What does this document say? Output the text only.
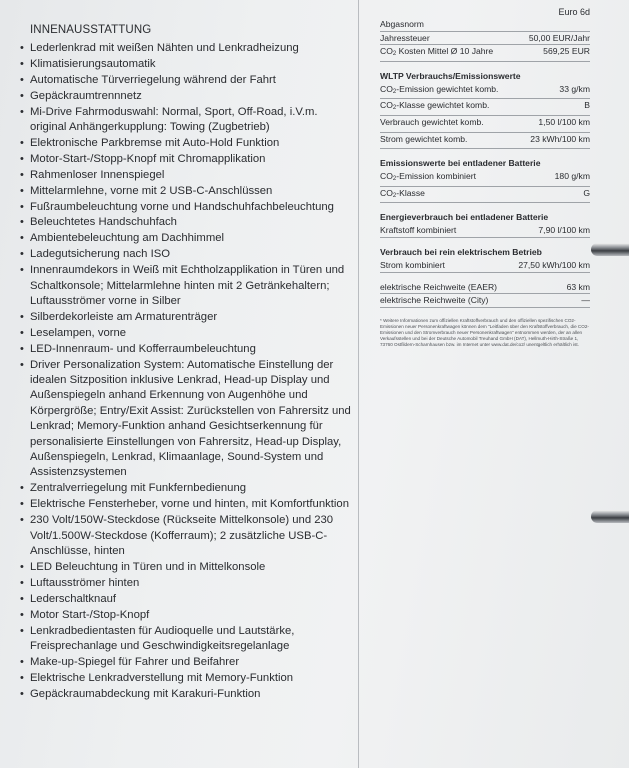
INNENAUSSTATTUNG
• Lederlenkrad mit weißen Nähten und Lenkradheizung
• Klimatisierungsautomatik
• Automatische Türverriegelung während der Fahrt
• Gepäckraumtrennnetz
• Mi-Drive Fahrmoduswahl: Normal, Sport, Off-Road, i.V.m. original Anhängerkupplung: Towing (Zugbetrieb)
• Elektronische Parkbremse mit Auto-Hold Funktion
• Motor-Start-/Stopp-Knopf mit Chromapplikation
• Rahmenloser Innenspiegel
• Mittelarmlehne, vorne mit 2 USB-C-Anschlüssen
• Fußraumbeleuchtung vorne und Handschuhfachbeleuchtung
• Beleuchtetes Handschuhfach
• Ambientebeleuchtung am Dachhimmel
• Ladegutsicherung nach ISO
• Innenraumdekors in Weiß mit Echtholzapplikation in Türen und Schaltkonsole; Mittelarmlehne hinten mit 2 Getränkehaltern; Luftausströmer vorne in Silber
• Silberdekorleiste am Armaturenträger
• Leselampen, vorne
• LED-Innenraum- und Kofferraumbeleuchtung
• Driver Personalization System: Automatische Einstellung der idealen Sitzposition inklusive Lenkrad, Head-up Display und Außenspiegeln anhand Erkennung von Augenhöhe und Körpergröße; Entry/Exit Assist: Zurückstellen von Fahrersitz und Lenkrad; Memory-Funktion anhand Gesichtserkennung für personalisierte Einstellungen von Fahrersitz, Head-up Display, Außenspiegeln, Lenkrad, Klimaanlage, Sound-System und Assistenzsystemen
• Zentralverriegelung mit Funkfernbedienung
• Elektrische Fensterheber, vorne und hinten, mit Komfortfunktion
• 230 Volt/150W-Steckdose (Rückseite Mittelkonsole) und 230 Volt/1.500W-Steckdose (Kofferraum); 2 zusätzliche USB-C-Anschlüsse, hinten
• LED Beleuchtung in Türen und in Mittelkonsole
• Luftausströmer hinten
• Lederschaltknauf
• Motor Start-/Stop-Knopf
• Lenkradbedientasten für Audioquelle und Lautstärke, Freisprechanlage und Geschwindigkeitsregelanlage
• Make-up-Spiegel für Fahrer und Beifahrer
• Elektrische Lenkradverstellung mit Memory-Funktion
• Gepäckraumabdeckung mit Karakuri-Funktion
Euro 6d
Abgasnorm
Jahressteuer	50,00 EUR/Jahr
$CO_2$ Kosten Mittel Ø 10 Jahre	569,25 EUR
WLTP Verbrauchs/Emissionswerte
$CO_2$-Emission gewichtet komb.	33 g/km
$CO_2$-Klasse gewichtet komb.	B
Verbrauch gewichtet komb.	1,50 l/100 km
Strom gewichtet komb.	23 kWh/100 km
Emissionswerte bei entladener Batterie
$CO_2$-Emission kombiniert	180 g/km
$CO_2$-Klasse	G
Energieverbrauch bei entladener Batterie
Kraftstoff kombiniert	7,90 l/100 km
Verbrauch bei rein elektrischem Betrieb
Strom kombiniert	27,50 kWh/100 km
elektrische Reichweite (EAER)	63 km
elektrische Reichweite (City)	—
* Weitere Informationen zum offiziellen Kraftstoffverbrauch und den offiziellen spezifischen CO2-Emissionen neuer Personenkraftwagen können dem "Leitfaden über den Kraftstoffverbrauch, die CO2-Emissionen und den Stromverbrauch neuer Personenkraftwagen" entnommen werden, der an allen Verkaufsstellen und bei der Deutsche Automobil Treuhand GmbH (DAT), Hellmuth-Hirth-Straße 1, 73760 Ostfildern-Scharnhausen bzw. im Internet unter www.dat.de/co2/ unentgeltlich erhältlich ist.
